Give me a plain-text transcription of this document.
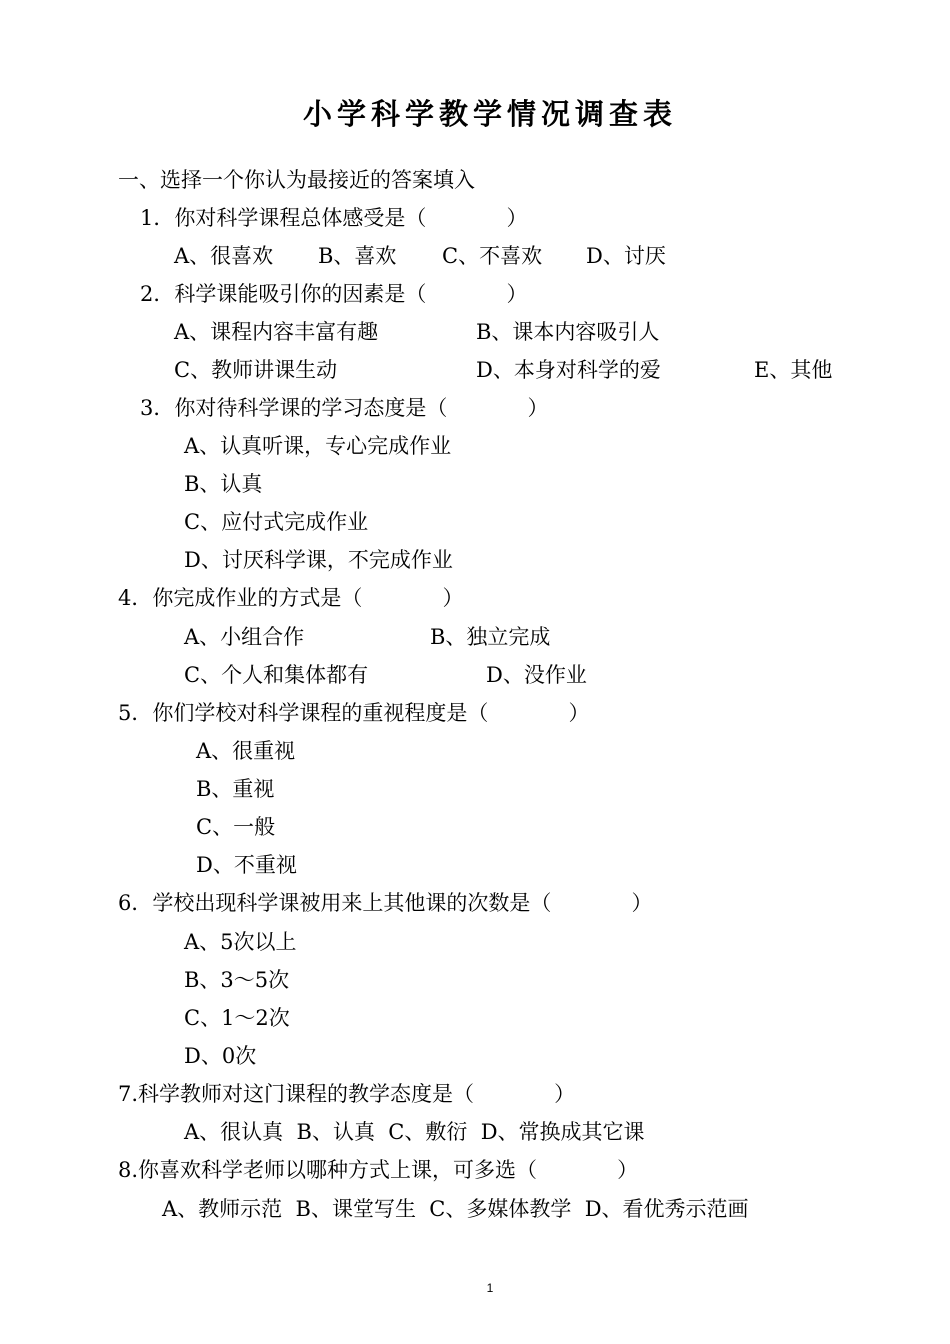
小学科学教学情况调查表
一、选择一个你认为最接近的答案填入
1．你对科学课程总体感受是（            ）
A、很喜欢 B、喜欢 C、不喜欢 D、讨厌
2．科学课能吸引你的因素是（            ）
A、课程内容丰富有趣	B、课本内容吸引人
C、教师讲课生动	D、本身对科学的爱	E、其他
3．你对待科学课的学习态度是（            ）
A、认真听课，专心完成作业
B、认真
C、应付式完成作业
D、讨厌科学课，不完成作业
4．你完成作业的方式是（            ）
A、小组合作	B、独立完成
C、个人和集体都有	D、没作业
5．你们学校对科学课程的重视程度是（            ）
A、很重视
B、重视
C、一般
D、不重视
6．学校出现科学课被用来上其他课的次数是（            ）
A、5次以上
B、3～5次
C、1～2次
D、0次
7.科学教师对这门课程的教学态度是（            ）
A、很认真  B、认真  C、敷衍  D、常换成其它课
8.你喜欢科学老师以哪种方式上课，可多选（            ）
A、教师示范  B、课堂写生  C、多媒体教学  D、看优秀示范画
1
